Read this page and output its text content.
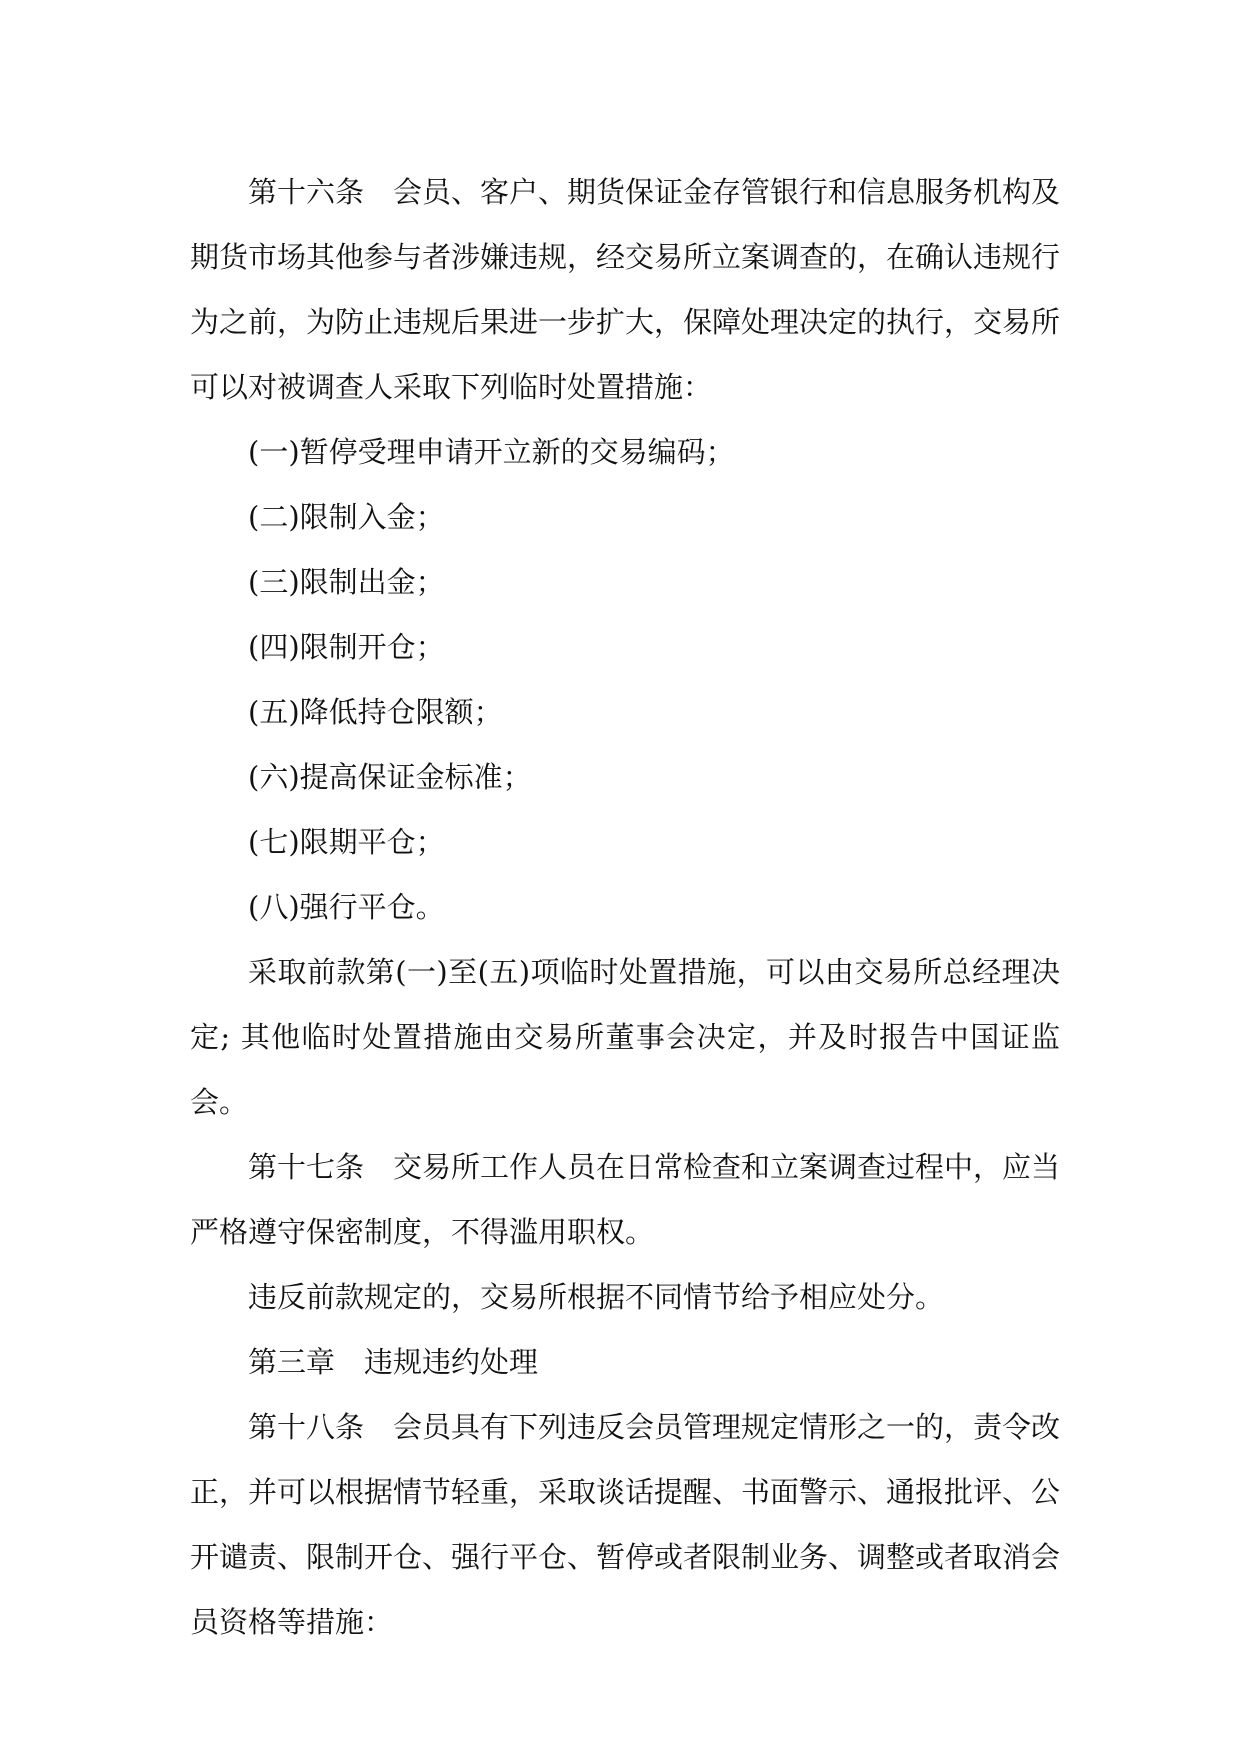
第十六条　会员、客户、期货保证金存管银行和信息服务机构及期货市场其他参与者涉嫌违规，经交易所立案调查的，在确认违规行为之前，为防止违规后果进一步扩大，保障处理决定的执行，交易所可以对被调查人采取下列临时处置措施：

(一)暂停受理申请开立新的交易编码；

(二)限制入金；

(三)限制出金；

(四)限制开仓；

(五)降低持仓限额；

(六)提高保证金标准；

(七)限期平仓；

(八)强行平仓。

采取前款第(一)至(五)项临时处置措施，可以由交易所总经理决定; 其他临时处置措施由交易所董事会决定，并及时报告中国证监会。

第十七条　交易所工作人员在日常检查和立案调查过程中，应当严格遵守保密制度，不得滥用职权。

违反前款规定的，交易所根据不同情节给予相应处分。

第三章　违规违约处理

第十八条　会员具有下列违反会员管理规定情形之一的，责令改正，并可以根据情节轻重，采取谈话提醒、书面警示、通报批评、公开谴责、限制开仓、强行平仓、暂停或者限制业务、调整或者取消会员资格等措施：
